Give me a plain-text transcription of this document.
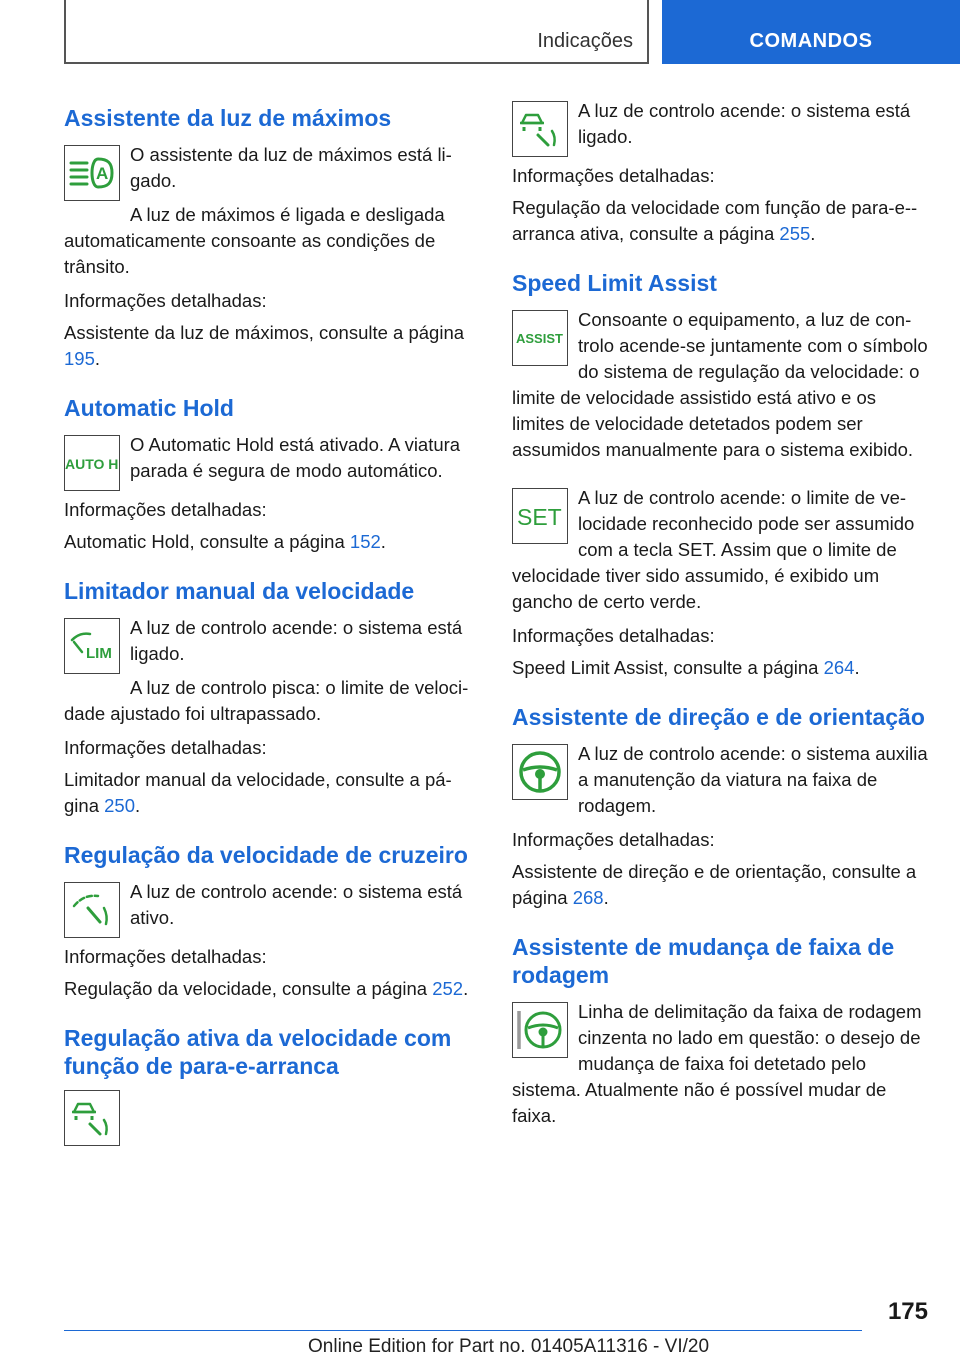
Indicações	COMANDOS
Assistente da luz de máximos
A

O assistente da luz de máximos está ligado.

A luz de máximos é ligada e desligada automaticamente consoante as condições de trânsito.

Informações detalhadas:

Assistente da luz de máximos, consulte a página 195.

Automatic Hold
AUTO H

O Automatic Hold está ativado. A viatura parada é segura de modo automático.

Informações detalhadas:

Automatic Hold, consulte a página 152.

Limitador manual da velocidade
LIM

A luz de controlo acende: o sistema está ligado.

A luz de controlo pisca: o limite de velocidade ajustado foi ultrapassado.

Informações detalhadas:

Limitador manual da velocidade, consulte a página 250.

Regulação da velocidade de cruzeiro

A luz de controlo acende: o sistema está ativo.

Informações detalhadas:

Regulação da velocidade, consulte a página 252.

Regulação ativa da velocidade com função de para-e-arranca

A luz de controlo acende: o sistema está ligado.

Informações detalhadas:

Regulação da velocidade com função de para-e-arranca ativa, consulte a página 255.

Speed Limit Assist
ASSIST

Consoante o equipamento, a luz de controlo acende-se juntamente com o símbolo do sistema de regulação da velocidade: o limite de velocidade assistido está ativo e os limites de velocidade detetados podem ser assumidos manualmente para o sistema exibido.

SET

A luz de controlo acende: o limite de velocidade reconhecido pode ser assumido com a tecla SET. Assim que o limite de velocidade tiver sido assumido, é exibido um gancho de certo verde.

Informações detalhadas:

Speed Limit Assist, consulte a página 264.

Assistente de direção e de orientação

A luz de controlo acende: o sistema auxilia a manutenção da viatura na faixa de rodagem.

Informações detalhadas:

Assistente de direção e de orientação, consulte a página 268.

Assistente de mudança de faixa de rodagem

Linha de delimitação da faixa de rodagem cinzenta no lado em questão: o desejo de mudança de faixa foi detetado pelo sistema. Atualmente não é possível mudar de faixa.

175
Online Edition for Part no. 01405A11316 - VI/20
